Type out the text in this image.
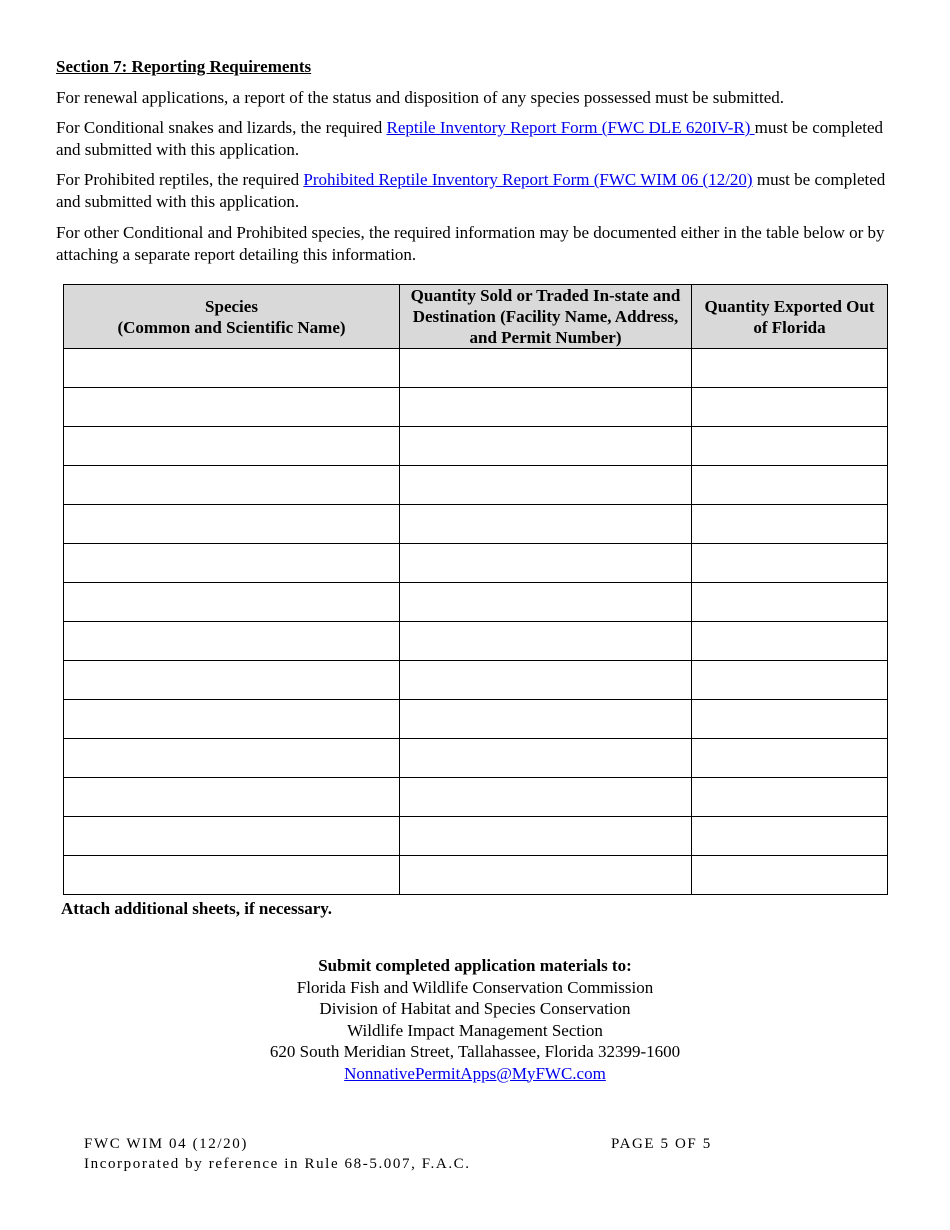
Section 7: Reporting Requirements
For renewal applications, a report of the status and disposition of any species possessed must be submitted.
For Conditional snakes and lizards, the required Reptile Inventory Report Form (FWC DLE 620IV-R) must be completed and submitted with this application.
For Prohibited reptiles, the required Prohibited Reptile Inventory Report Form (FWC WIM 06 (12/20) must be completed and submitted with this application.
For other Conditional and Prohibited species, the required information may be documented either in the table below or by attaching a separate report detailing this information.
Species
(Common and Scientific Name)	Quantity Sold or Traded In-state and Destination (Facility Name, Address, and Permit Number)	Quantity Exported Out of Florida

Attach additional sheets, if necessary.
Submit completed application materials to:
Florida Fish and Wildlife Conservation Commission
Division of Habitat and Species Conservation
Wildlife Impact Management Section
620 South Meridian Street, Tallahassee, Florida 32399-1600
NonnativePermitApps@MyFWC.com
FWC WIM 04 (12/20)	PAGE 5 OF 5
Incorporated by reference in Rule 68-5.007, F.A.C.
